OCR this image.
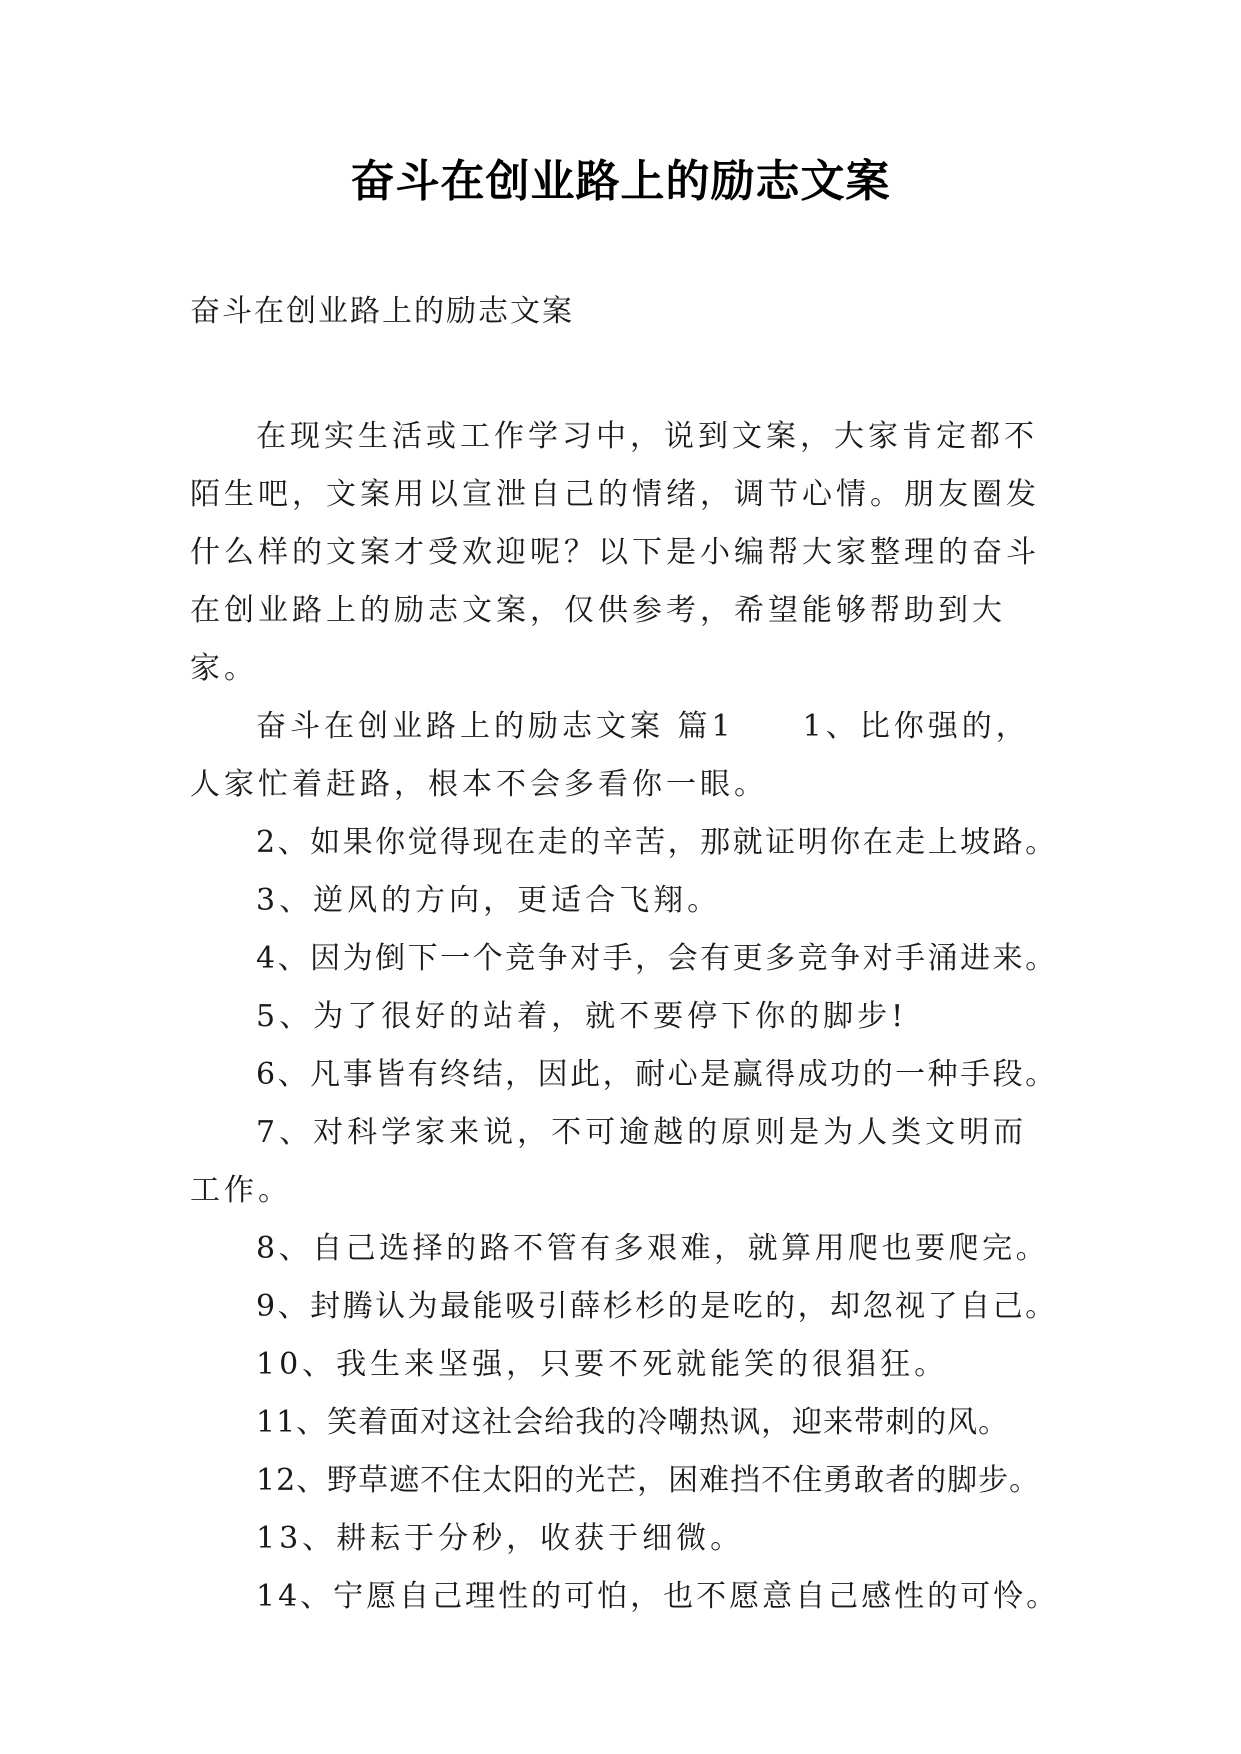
奋斗在创业路上的励志文案
奋斗在创业路上的励志文案

在现实生活或工作学习中，说到文案，大家肯定都不陌生吧，文案用以宣泄自己的情绪，调节心情。朋友圈发什么样的文案才受欢迎呢？以下是小编帮大家整理的奋斗在创业路上的励志文案，仅供参考，希望能够帮助到大家。

奋斗在创业路上的励志文案 篇1　　1、比你强的，人家忙着赶路，根本不会多看你一眼。

2、如果你觉得现在走的辛苦，那就证明你在走上坡路。

3、逆风的方向，更适合飞翔。

4、因为倒下一个竞争对手，会有更多竞争对手涌进来。

5、为了很好的站着，就不要停下你的脚步!

6、凡事皆有终结，因此，耐心是赢得成功的一种手段。

7、对科学家来说，不可逾越的原则是为人类文明而工作。

8、自己选择的路不管有多艰难，就算用爬也要爬完。

9、封腾认为最能吸引薛杉杉的是吃的，却忽视了自己。

10、我生来坚强，只要不死就能笑的很猖狂。

11、笑着面对这社会给我的冷嘲热讽，迎来带刺的风。

12、野草遮不住太阳的光芒，困难挡不住勇敢者的脚步。

13、耕耘于分秒，收获于细微。

14、宁愿自己理性的可怕，也不愿意自己感性的可怜。
